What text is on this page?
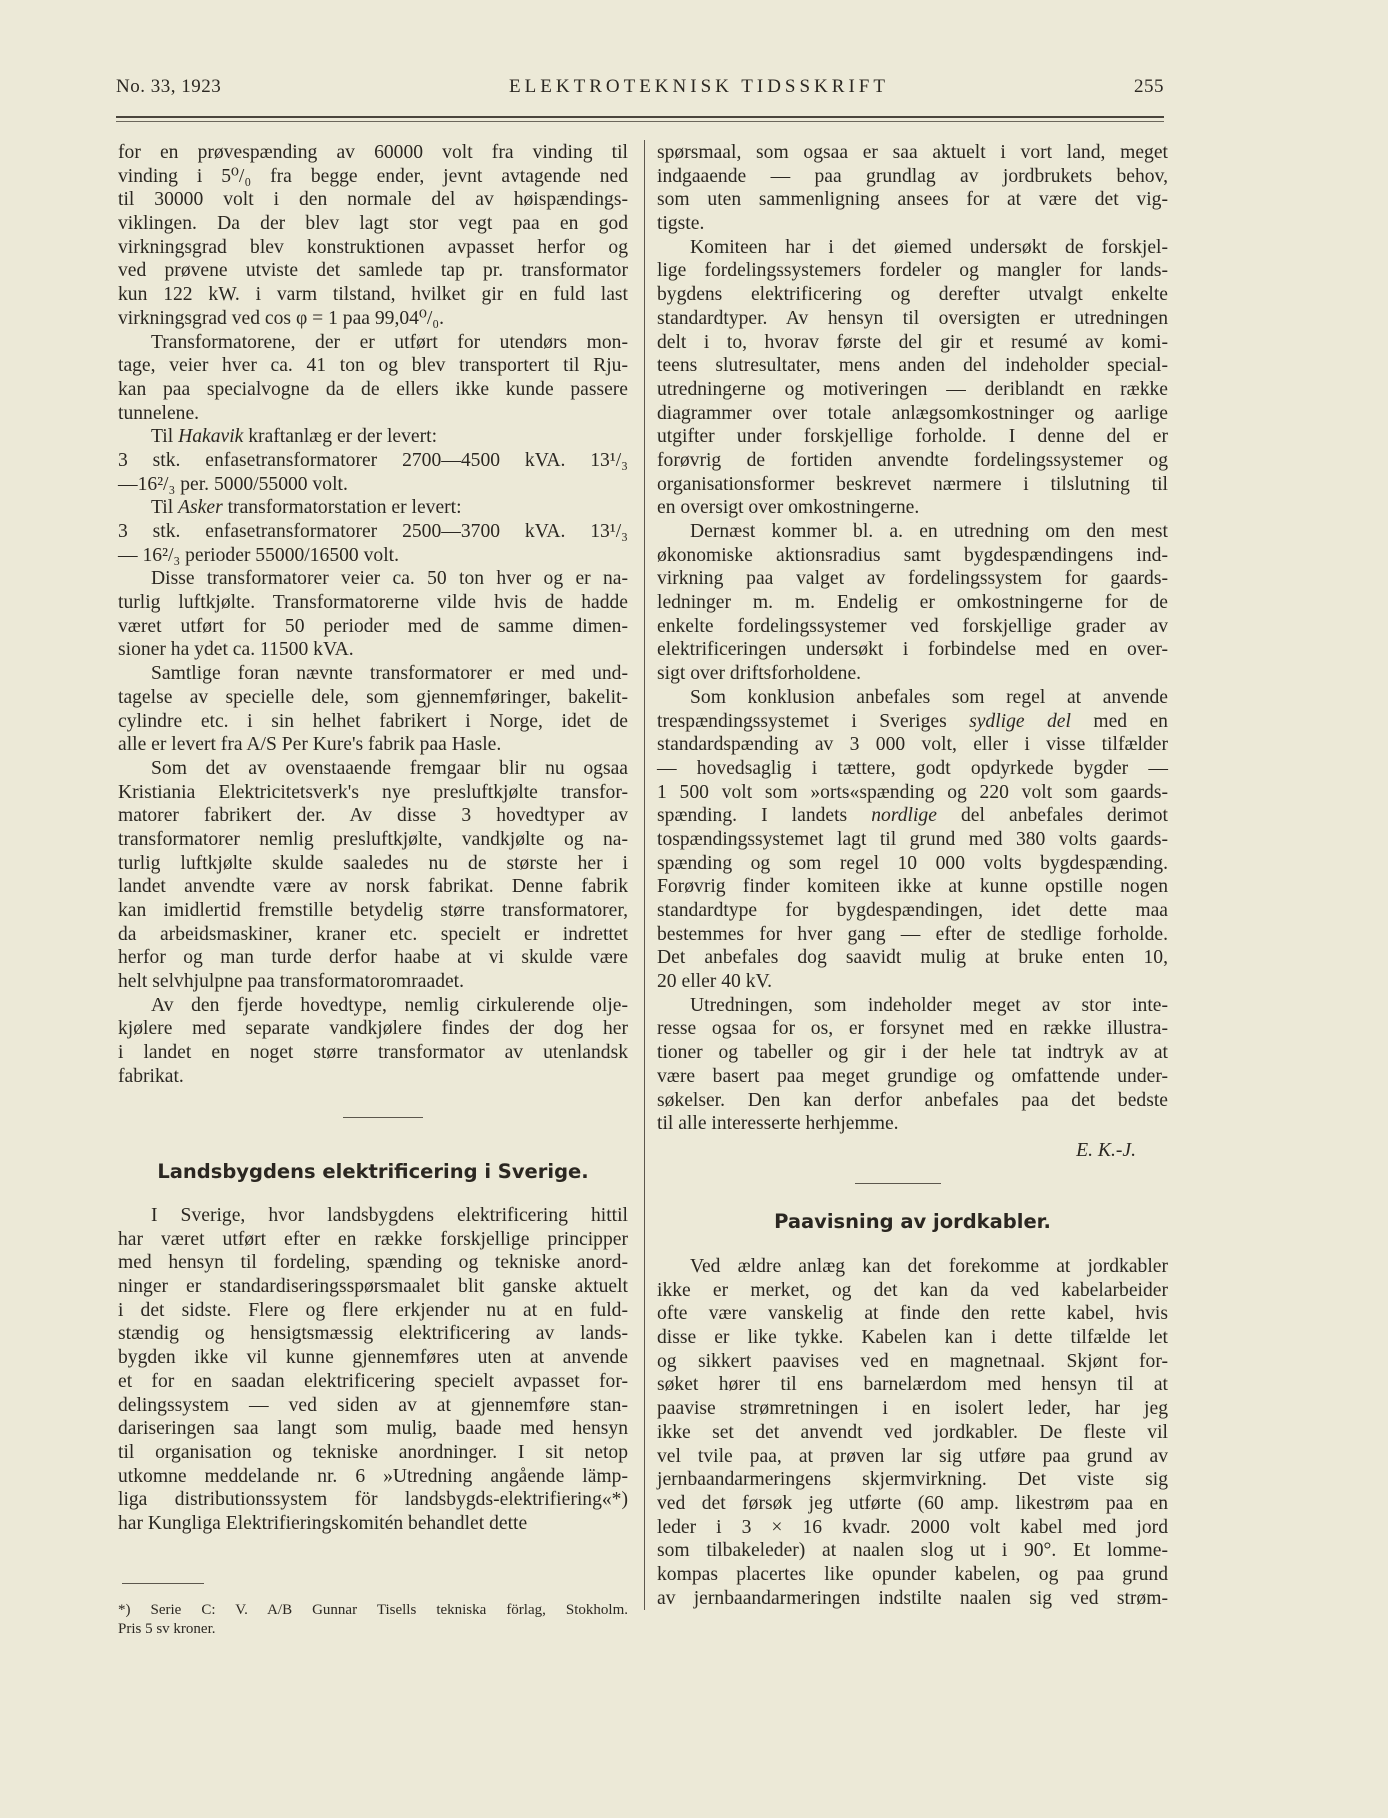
No. 33, 1923	ELEKTROTEKNISK TIDSSKRIFT	255
for en prøvespænding av 60000 volt fra vinding til
vinding i 5⁰/₀ fra begge ender, jevnt avtagende ned
til 30000 volt i den normale del av høispændings-
viklingen. Da der blev lagt stor vegt paa en god
virkningsgrad blev konstruktionen avpasset herfor og
ved prøvene utviste det samlede tap pr. transformator
kun 122 kW. i varm tilstand, hvilket gir en fuld last
virkningsgrad ved cos φ = 1 paa 99,04⁰/₀.
Transformatorene, der er utført for utendørs mon-
tage, veier hver ca. 41 ton og blev transportert til Rju-
kan paa specialvogne da de ellers ikke kunde passere
tunnelene.
Til Hakavik kraftanlæg er der levert:
3 stk. enfasetransformatorer 2700—4500 kVA. 13¹/₃
—16²/₃ per. 5000/55000 volt.
Til Asker transformatorstation er levert:
3 stk. enfasetransformatorer 2500—3700 kVA. 13¹/₃
— 16²/₃ perioder 55000/16500 volt.
Disse transformatorer veier ca. 50 ton hver og er na-
turlig luftkjølte. Transformatorerne vilde hvis de hadde
været utført for 50 perioder med de samme dimen-
sioner ha ydet ca. 11500 kVA.
Samtlige foran nævnte transformatorer er med und-
tagelse av specielle dele, som gjennemføringer, bakelit-
cylindre etc. i sin helhet fabrikert i Norge, idet de
alle er levert fra A/S Per Kure's fabrik paa Hasle.
Som det av ovenstaaende fremgaar blir nu ogsaa
Kristiania Elektricitetsverk's nye presluftkjølte transfor-
matorer fabrikert der. Av disse 3 hovedtyper av
transformatorer nemlig presluftkjølte, vandkjølte og na-
turlig luftkjølte skulde saaledes nu de største her i
landet anvendte være av norsk fabrikat. Denne fabrik
kan imidlertid fremstille betydelig større transformatorer,
da arbeidsmaskiner, kraner etc. specielt er indrettet
herfor og man turde derfor haabe at vi skulde være
helt selvhjulpne paa transformatoromraadet.
Av den fjerde hovedtype, nemlig cirkulerende olje-
kjølere med separate vandkjølere findes der dog her
i landet en noget større transformator av utenlandsk
fabrikat.
Landsbygdens elektrificering i Sverige.
I Sverige, hvor landsbygdens elektrificering hittil
har været utført efter en række forskjellige principper
med hensyn til fordeling, spænding og tekniske anord-
ninger er standardiseringsspørsmaalet blit ganske aktuelt
i det sidste. Flere og flere erkjender nu at en fuld-
stændig og hensigtsmæssig elektrificering av lands-
bygden ikke vil kunne gjennemføres uten at anvende
et for en saadan elektrificering specielt avpasset for-
delingssystem — ved siden av at gjennemføre stan-
dariseringen saa langt som mulig, baade med hensyn
til organisation og tekniske anordninger. I sit netop
utkomne meddelande nr. 6 »Utredning angående lämp-
liga distributionssystem för landsbygds-elektrifiering«*)
har Kungliga Elektrifieringskomitén behandlet dette
*) Serie C: V. A/B Gunnar Tisells tekniska förlag, Stokholm.
Pris 5 sv kroner.
spørsmaal, som ogsaa er saa aktuelt i vort land, meget
indgaaende — paa grundlag av jordbrukets behov,
som uten sammenligning ansees for at være det vig-
tigste.
Komiteen har i det øiemed undersøkt de forskjel-
lige fordelingssystemers fordeler og mangler for lands-
bygdens elektrificering og derefter utvalgt enkelte
standardtyper. Av hensyn til oversigten er utredningen
delt i to, hvorav første del gir et resumé av komi-
teens slutresultater, mens anden del indeholder special-
utredningerne og motiveringen — deriblandt en række
diagrammer over totale anlægsomkostninger og aarlige
utgifter under forskjellige forholde. I denne del er
forøvrig de fortiden anvendte fordelingssystemer og
organisationsformer beskrevet nærmere i tilslutning til
en oversigt over omkostningerne.
Dernæst kommer bl. a. en utredning om den mest
økonomiske aktionsradius samt bygdespændingens ind-
virkning paa valget av fordelingssystem for gaards-
ledninger m. m. Endelig er omkostningerne for de
enkelte fordelingssystemer ved forskjellige grader av
elektrificeringen undersøkt i forbindelse med en over-
sigt over driftsforholdene.
Som konklusion anbefales som regel at anvende
trespændingssystemet i Sveriges sydlige del med en
standardspænding av 3 000 volt, eller i visse tilfælder
— hovedsaglig i tættere, godt opdyrkede bygder —
1 500 volt som »orts«spænding og 220 volt som gaards-
spænding. I landets nordlige del anbefales derimot
tospændingssystemet lagt til grund med 380 volts gaards-
spænding og som regel 10 000 volts bygdespænding.
Forøvrig finder komiteen ikke at kunne opstille nogen
standardtype for bygdespændingen, idet dette maa
bestemmes for hver gang — efter de stedlige forholde.
Det anbefales dog saavidt mulig at bruke enten 10,
20 eller 40 kV.
Utredningen, som indeholder meget av stor inte-
resse ogsaa for os, er forsynet med en række illustra-
tioner og tabeller og gir i der hele tat indtryk av at
være basert paa meget grundige og omfattende under-
søkelser. Den kan derfor anbefales paa det bedste
til alle interesserte herhjemme.
E. K.-J.
Paavisning av jordkabler.
Ved ældre anlæg kan det forekomme at jordkabler
ikke er merket, og det kan da ved kabelarbeider
ofte være vanskelig at finde den rette kabel, hvis
disse er like tykke. Kabelen kan i dette tilfælde let
og sikkert paavises ved en magnetnaal. Skjønt for-
søket hører til ens barnelærdom med hensyn til at
paavise strømretningen i en isolert leder, har jeg
ikke set det anvendt ved jordkabler. De fleste vil
vel tvile paa, at prøven lar sig utføre paa grund av
jernbaandarmeringens skjermvirkning. Det viste sig
ved det førsøk jeg utførte (60 amp. likestrøm paa en
leder i 3 × 16 kvadr. 2000 volt kabel med jord
som tilbakeleder) at naalen slog ut i 90°. Et lomme-
kompas placertes like opunder kabelen, og paa grund
av jernbaandarmeringen indstilte naalen sig ved strøm-
